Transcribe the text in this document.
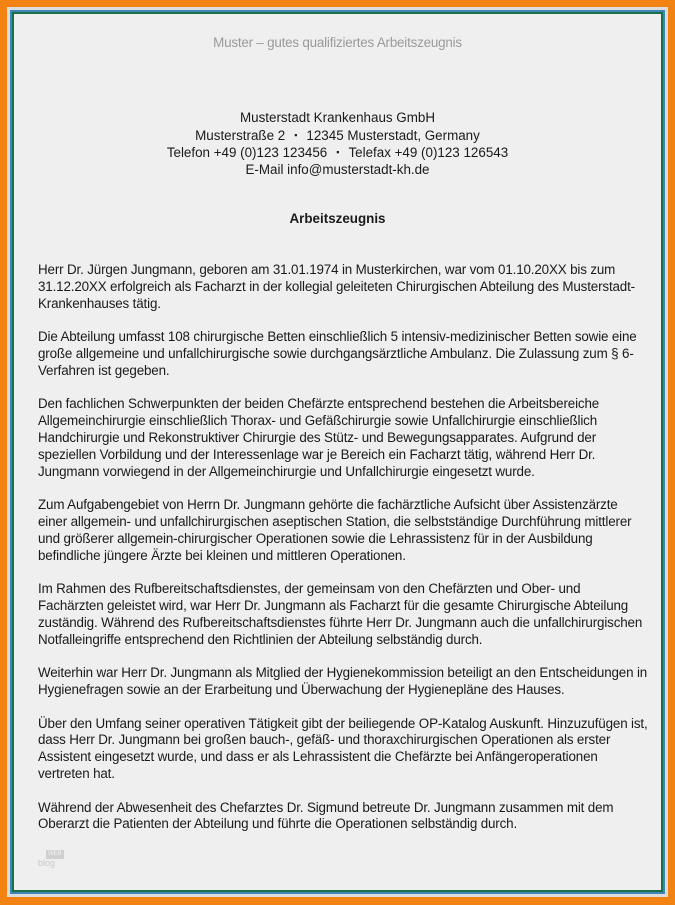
Muster – gutes qualifiziertes Arbeitszeugnis
Musterstadt Krankenhaus GmbH
Musterstraße 2 ▪ 12345 Musterstadt, Germany
Telefon +49 (0)123 123456 ▪ Telefax +49 (0)123 126543
E-Mail info@musterstadt-kh.de
Arbeitszeugnis

Herr Dr. Jürgen Jungmann, geboren am 31.01.1974 in Musterkirchen, war vom 01.10.20XX bis zum 31.12.20XX erfolgreich als Facharzt in der kollegial geleiteten Chirurgischen Abteilung des Musterstadt-Krankenhauses tätig.

Die Abteilung umfasst 108 chirurgische Betten einschließlich 5 intensiv-medizinischer Betten sowie eine große allgemeine und unfallchirurgische sowie durchgangsärztliche Ambulanz. Die Zulassung zum § 6-Verfahren ist gegeben.

Den fachlichen Schwerpunkten der beiden Chefärzte entsprechend bestehen die Arbeitsbereiche Allgemeinchirurgie einschließlich Thorax- und Gefäßchirurgie sowie Unfallchirurgie einschließlich Handchirurgie und Rekonstruktiver Chirurgie des Stütz- und Bewegungsapparates. Aufgrund der speziellen Vorbildung und der Interessenlage war je Bereich ein Facharzt tätig, während Herr Dr. Jungmann vorwiegend in der Allgemeinchirurgie und Unfallchirurgie eingesetzt wurde.

Zum Aufgabengebiet von Herrn Dr. Jungmann gehörte die fachärztliche Aufsicht über Assistenzärzte einer allgemein- und unfallchirurgischen aseptischen Station, die selbstständige Durchführung mittlerer und größerer allgemein-chirurgischer Operationen sowie die Lehrassistenz für in der Ausbildung befindliche jüngere Ärzte bei kleinen und mittleren Operationen.

Im Rahmen des Rufbereitschaftsdienstes, der gemeinsam von den Chefärzten und Ober- und Fachärzten geleistet wird, war Herr Dr. Jungmann als Facharzt für die gesamte Chirurgische Abteilung zuständig. Während des Rufbereitschaftsdienstes führte Herr Dr. Jungmann auch die unfallchirurgischen Notfalleingriffe entsprechend den Richtlinien der Abteilung selbständig durch.

Weiterhin war Herr Dr. Jungmann als Mitglied der Hygienekommission beteiligt an den Entscheidungen in Hygienefragen sowie an der Erarbeitung und Überwachung der Hygienepläne des Hauses.

Über den Umfang seiner operativen Tätigkeit gibt der beiliegende OP-Katalog Auskunft. Hinzuzufügen ist, dass Herr Dr. Jungmann bei großen bauch-, gefäß- und thoraxchirurgischen Operationen als erster Assistent eingesetzt wurde, und dass er als Lehrassistent die Chefärzte bei Anfängeroperationen vertreten hat.

Während der Abwesenheit des Chefarztes Dr. Sigmund betreute Dr. Jungmann zusammen mit dem Oberarzt die Patienten der Abteilung und führte die Operationen selbständig durch.

WEB
blog
